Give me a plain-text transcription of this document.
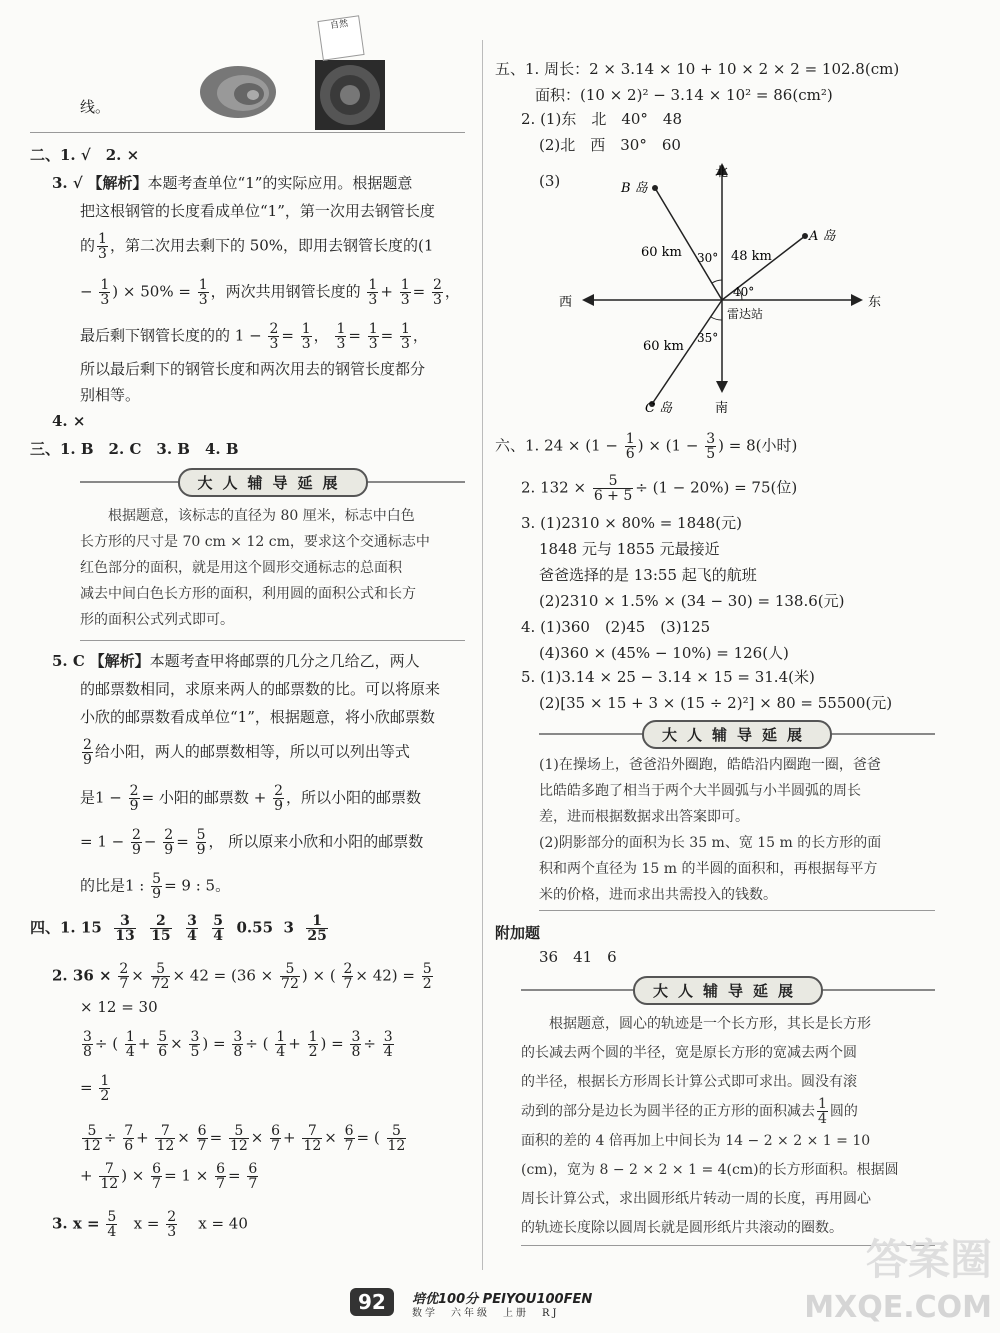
自然
线。
二、1. √　2. ×
3. √ 【解析】本题考查单位“1”的实际应用。根据题意
把这根钢管的长度看成单位“1”，第一次用去钢管长度
的 $\frac{1}{3}$ ，第二次用去剩下的 50%，即用去钢管长度的(1
− $\frac{1}{3}$ ) × $50\% = \frac{1}{3}$ ，两次共用钢管长度的 $\frac{1}{3} + \frac{1}{3} = \frac{2}{3}$ ，
最后剩下钢管长度的的 $1 - \frac{2}{3} = \frac{1}{3}$ ， $\frac{1}{3} = \frac{1}{3} = \frac{1}{3}$ ，
所以最后剩下的钢管长度和两次用去的钢管长度都分
别相等。
4. ×
三、1. B　2. C　3. B　4. B
大人辅导延展
根据题意，该标志的直径为 80 厘米，标志中白色
长方形的尺寸是 70 cm × 12 cm，要求这个交通标志中
红色部分的面积，就是用这个圆形交通标志的总面积
减去中间白色长方形的面积，利用圆的面积公式和长方
形的面积公式列式即可。
5. C 【解析】本题考查甲将邮票的几分之几给乙，两人
的邮票数相同，求原来两人的邮票数的比。可以将原来
小欣的邮票数看成单位“1”，根据题意，将小欣邮票数
$\frac{2}{9}$ 给小阳，两人的邮票数相等，所以可以列出等式
是$1 - \frac{2}{9}$ = 小阳的邮票数 + $\frac{2}{9}$ ，所以小阳的邮票数
= $1 - \frac{2}{9} - \frac{2}{9} = \frac{5}{9}$ ， 所以原来小欣和小阳的邮票数
的比是1 : $\frac{5}{9} = 9$ : 5。
四、1. $15 \frac{3}{13}$
$\frac{2}{15}$
$\frac{3}{4}$
$\frac{5}{4} 0.55$ $3 \frac{1}{25}$
2. $36 \times \frac{2}{7} \times \frac{5}{72} \times 42 = (36 \times \frac{5}{72}$ ) × ( $\frac{2}{7} \times 42) = \frac{5}{2}$
× 12 = 30
$\frac{3}{8}$ ÷ ( $\frac{1}{4} + \frac{5}{6} \times \frac{3}{5}$ ) = $\frac{3}{8}$ ÷ ( $\frac{1}{4} + \frac{1}{2}$ ) = $\frac{3}{8} \div \frac{3}{4}$
= $\frac{1}{2}$
$\frac{5}{12} \div \frac{7}{6} + \frac{7}{12} \times \frac{6}{7} = \frac{5}{12} \times \frac{6}{7} + \frac{7}{12} \times \frac{6}{7}$ = ( $\frac{5}{12}$
+ $\frac{7}{12}$ ) × $\frac{6}{7} = 1 \times \frac{6}{7} = \frac{6}{7}$
3. $x = \frac{5}{4}$ $x = \frac{2}{3}$ x = 40
五、1. 周长：2 × 3.14 × 10 + 10 × 2 × 2 = 102.8(cm)
面积：(10 × 2)² − 3.14 × 10² = 86(cm²)
2. (1)东　北　40°　48
(2)北　西　30°　60
(3)	北
南
东
西
B 岛
A 岛
C 岛
雷达站
60 km	48 km
60 km
30°
40°
35°
六、1. $24 \times (1 - \frac{1}{6}$ ) × ($1 - \frac{3}{5}$ ) = 8(小时)
2. $132 \times \frac{5}{6 + 5} \div (1 - 20\%) = 75$(位)
3. (1)2310 × 80% = 1848(元)
1848 元与 1855 元最接近
爸爸选择的是 13:55 起飞的航班
(2)2310 × 1.5% × (34 − 30) = 138.6(元)
4. (1)360　(2)45　(3)125
(4)360 × (45% − 10%) = 126(人)
5. (1)3.14 × 25 − 3.14 × 15 = 31.4(米)
(2)[35 × 15 + 3 × (15 ÷ 2)²] × 80 = 55500(元)
大人辅导延展
(1)在操场上，爸爸沿外圈跑，皓皓沿内圈跑一圈，爸爸
比皓皓多跑了相当于两个大半圆弧与小半圆弧的周长
差，进而根据数据求出答案即可。
(2)阴影部分的面积为长 35 m、宽 15 m 的长方形的面
积和两个直径为 15 m 的半圆的面积和，再根据每平方
米的价格，进而求出共需投入的钱数。
附加题
36　41　6
大人辅导延展
根据题意，圆心的轨迹是一个长方形，其长是长方形
的长减去两个圆的半径，宽是原长方形的宽减去两个圆
的半径，根据长方形周长计算公式即可求出。圆没有滚
动到的部分是边长为圆半径的正方形的面积减去 $\frac{1}{4}$ 圆的
面积的差的 4 倍再加上中间长为 14 − 2 × 2 × 1 = 10
(cm)，宽为 8 − 2 × 2 × 1 = 4(cm)的长方形面积。根据圆
周长计算公式，求出圆形纸片转动一周的长度，再用圆心
的轨迹长度除以圆周长就是圆形纸片共滚动的圈数。
92	培优100分 PEIYOU100FEN
数学　六年级　上册　RJ
答案圈
MXQE.COM
